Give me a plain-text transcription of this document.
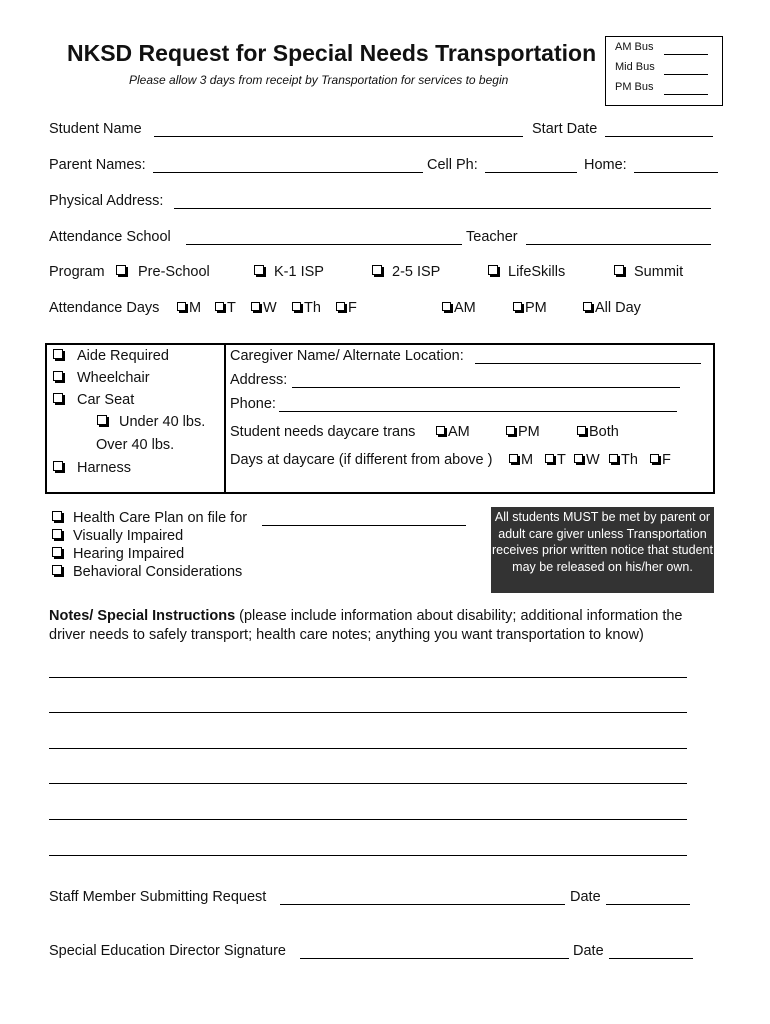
NKSD Request for Special Needs Transportation
Please allow 3 days from receipt by Transportation for services to begin
AM Bus
Mid Bus
PM Bus
Student Name	Start Date
Parent Names:	Cell Ph:	Home:
Physical Address:
Attendance School	Teacher
Program	Pre-School	K-1 ISP	2-5 ISP	LifeSkills	Summit
Attendance Days	M	T	W	Th	F	AM	PM	All Day
Aide Required
Wheelchair
Car Seat
Under 40 lbs.
Over 40 lbs.
Harness
Caregiver Name/ Alternate Location:
Address:
Phone:
Student needs daycare trans	AM	PM	Both
Days at daycare (if different from above )	M	T	W	Th	F
Health Care Plan on file for
Visually Impaired
Hearing Impaired
Behavioral Considerations
All students MUST be met by parent or adult care giver unless Transportation receives prior written notice that student may be released on his/her own.
Notes/ Special Instructions (please include information about disability; additional information the driver needs to safely transport; health care notes; anything you want transportation to know)
Staff Member Submitting Request	Date
Special Education Director Signature	Date
